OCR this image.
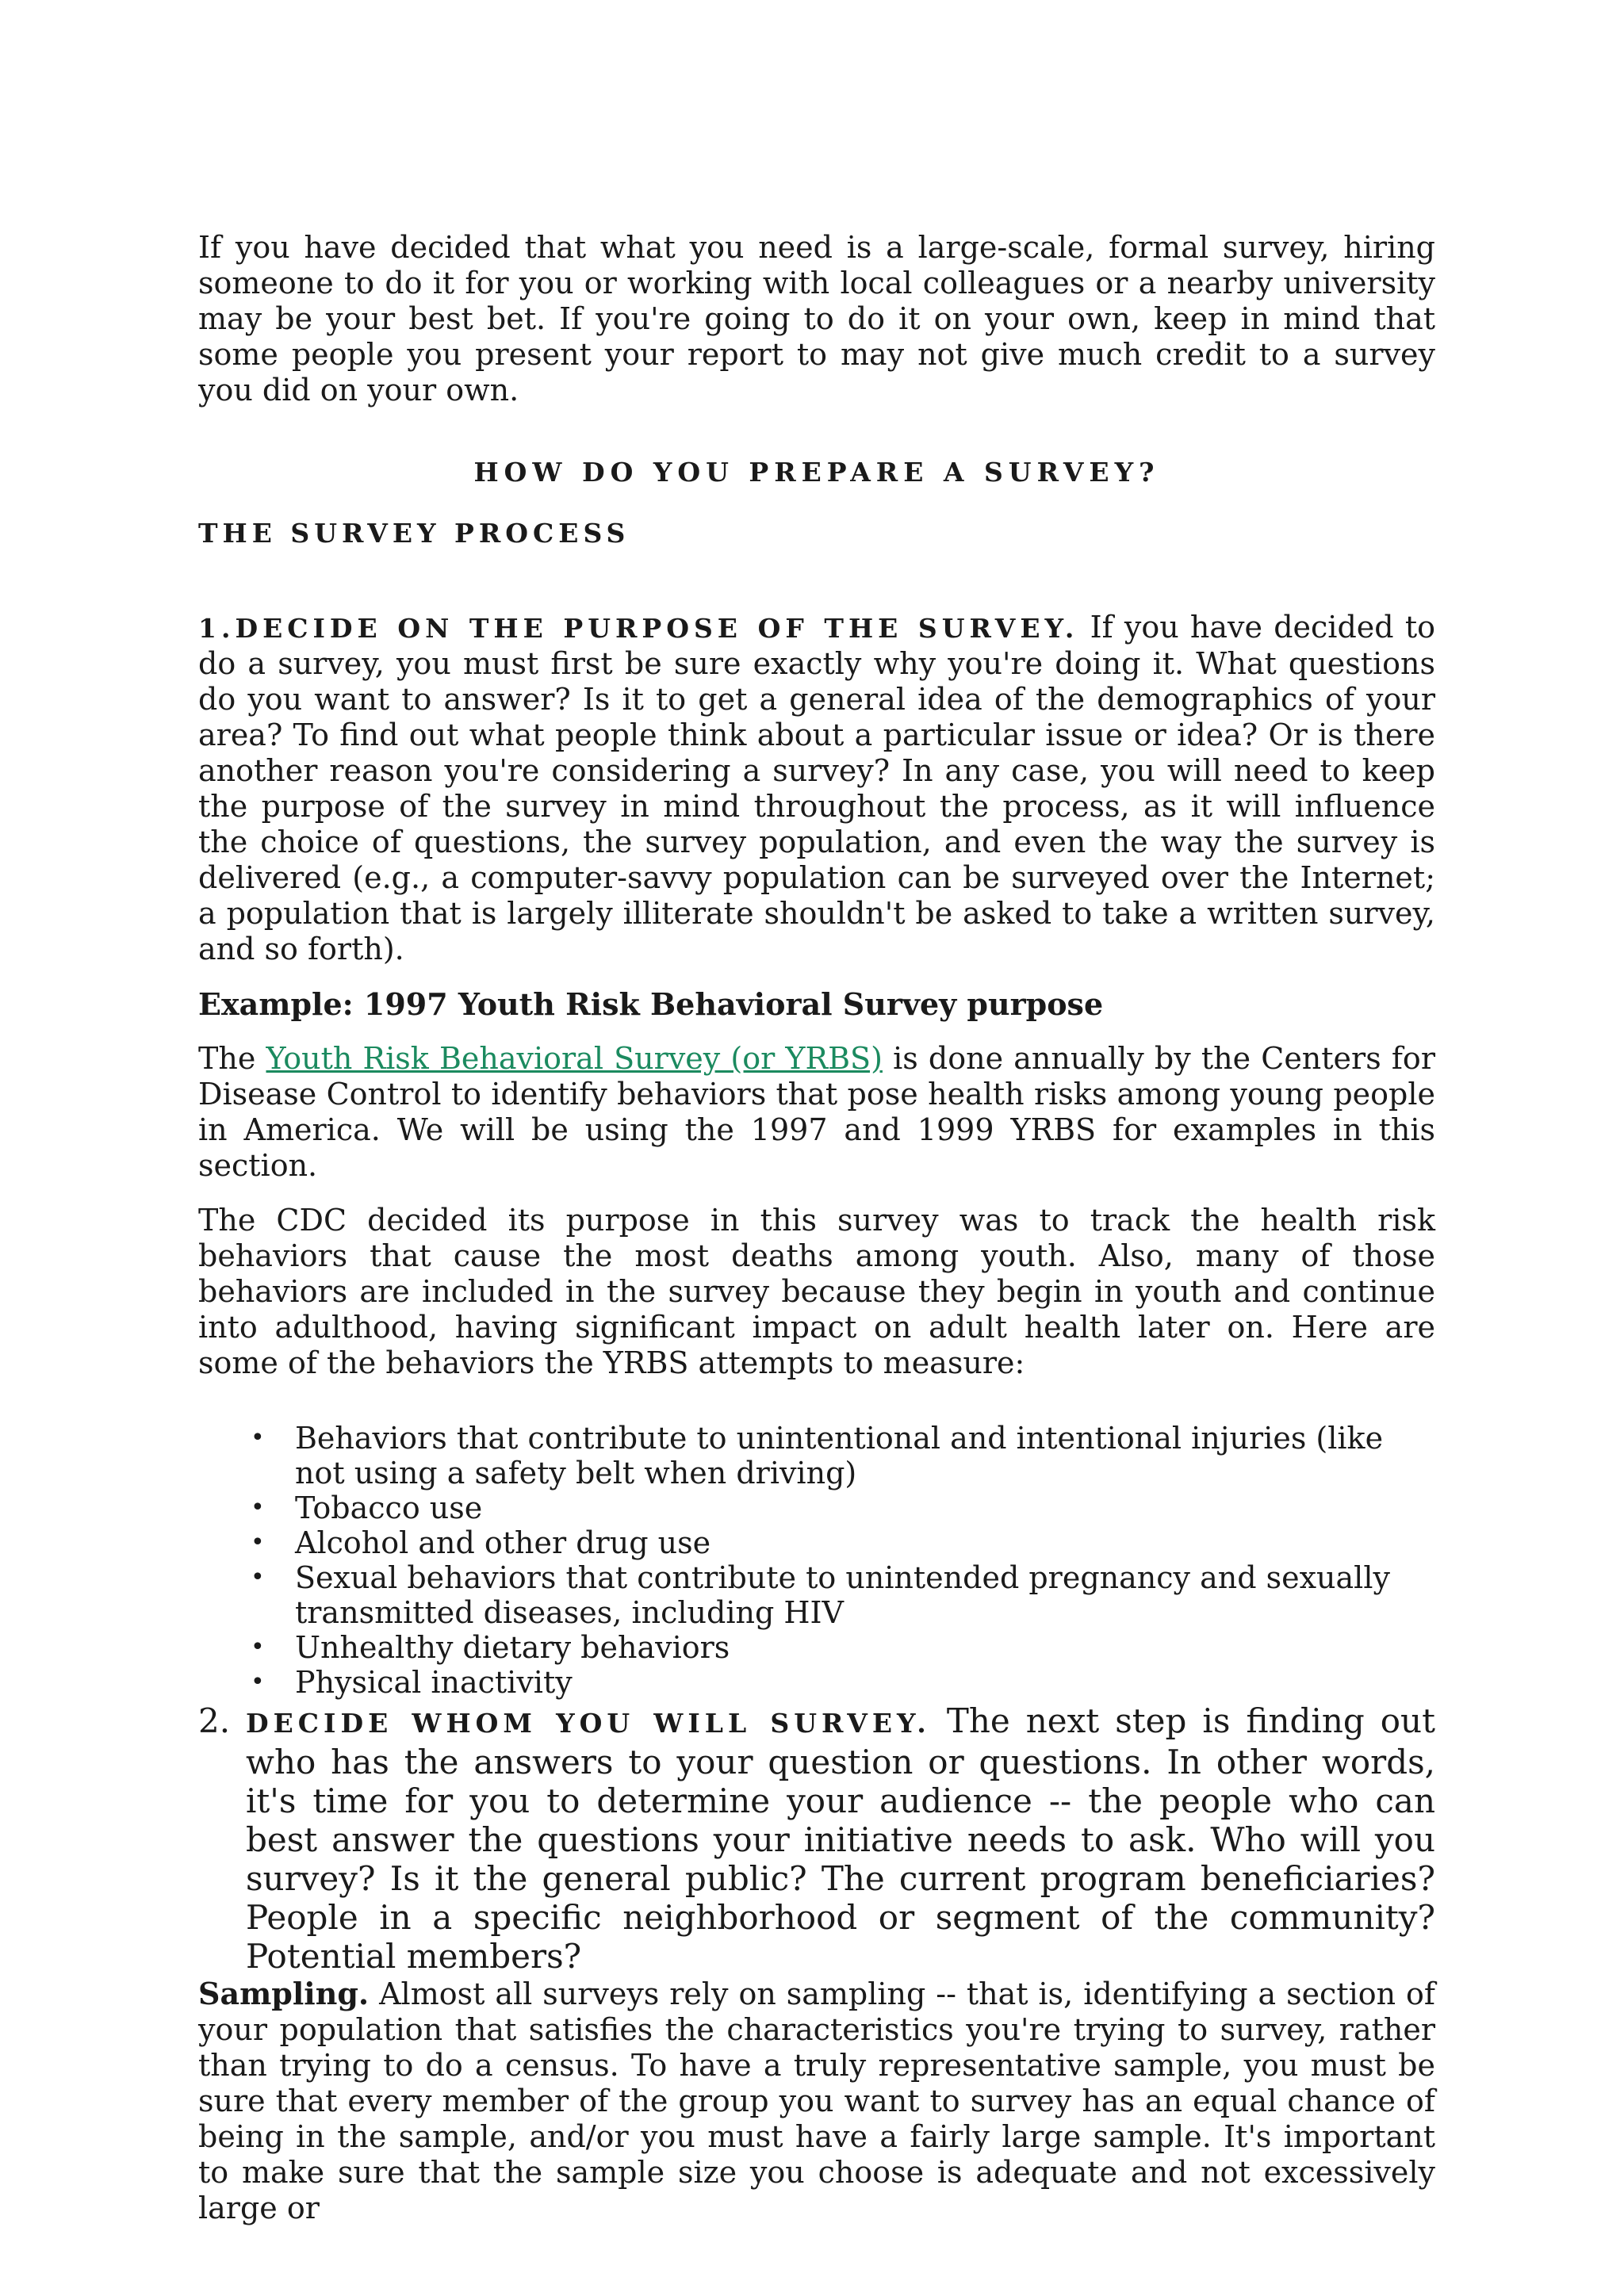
If you have decided that what you need is a large-scale, formal survey, hiring someone to do it for you or working with local colleagues or a nearby university may be your best bet. If you're going to do it on your own, keep in mind that some people you present your report to may not give much credit to a survey you did on your own.

HOW DO YOU PREPARE A SURVEY?
THE SURVEY PROCESS

1.DECIDE ON THE PURPOSE OF THE SURVEY. If you have decided to do a survey, you must first be sure exactly why you're doing it. What questions do you want to answer? Is it to get a general idea of the demographics of your area? To find out what people think about a particular issue or idea? Or is there another reason you're considering a survey? In any case, you will need to keep the purpose of the survey in mind throughout the process, as it will influence the choice of questions, the survey population, and even the way the survey is delivered (e.g., a computer-savvy population can be surveyed over the Internet; a population that is largely illiterate shouldn't be asked to take a written survey, and so forth).

Example: 1997 Youth Risk Behavioral Survey purpose

The Youth Risk Behavioral Survey (or YRBS) is done annually by the Centers for Disease Control to identify behaviors that pose health risks among young people in America. We will be using the 1997 and 1999 YRBS for examples in this section.

The CDC decided its purpose in this survey was to track the health risk behaviors that cause the most deaths among youth. Also, many of those behaviors are included in the survey because they begin in youth and continue into adulthood, having significant impact on adult health later on. Here are some of the behaviors the YRBS attempts to measure:

• Behaviors that contribute to unintentional and intentional injuries (like not using a safety belt when driving)
• Tobacco use
• Alcohol and other drug use
• Sexual behaviors that contribute to unintended pregnancy and sexually transmitted diseases, including HIV
• Unhealthy dietary behaviors
• Physical inactivity
2. DECIDE WHOM YOU WILL SURVEY. The next step is finding out who has the answers to your question or questions. In other words, it's time for you to determine your audience -- the people who can best answer the questions your initiative needs to ask. Who will you survey? Is it the general public? The current program beneficiaries? People in a specific neighborhood or segment of the community? Potential members?

Sampling. Almost all surveys rely on sampling -- that is, identifying a section of your population that satisfies the characteristics you're trying to survey, rather than trying to do a census. To have a truly representative sample, you must be sure that every member of the group you want to survey has an equal chance of being in the sample, and/or you must have a fairly large sample. It's important to make sure that the sample size you choose is adequate and not excessively large or
